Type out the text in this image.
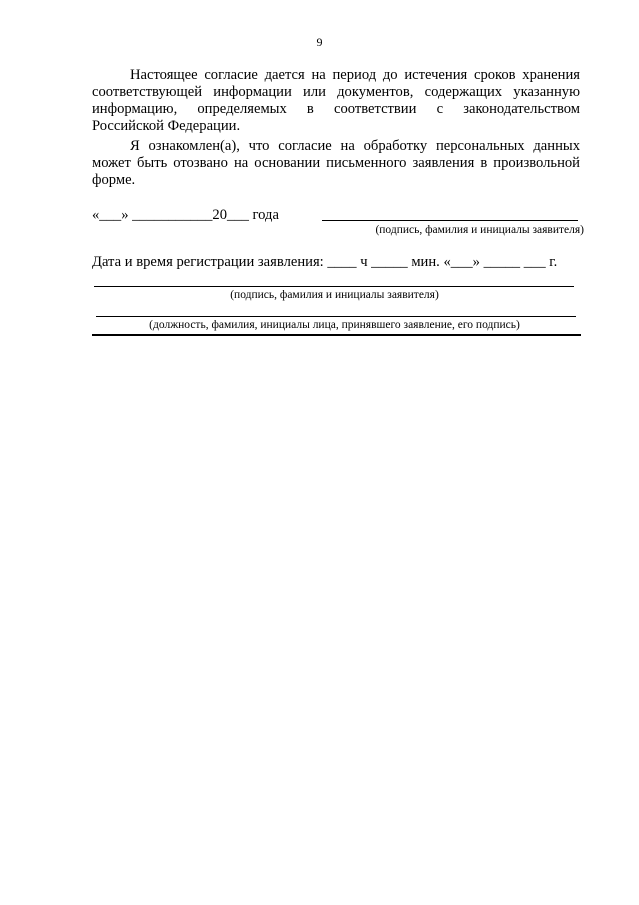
9
Настоящее согласие дается на период до истечения сроков хранения
соответствующей информации или документов, содержащих указанную
информацию, определяемых в соответствии с законодательством
Российской Федерации.
Я ознакомлен(а), что согласие на обработку персональных данных
может быть отозвано на основании письменного заявления в произвольной
форме.
«___» ___________20___ года
(подпись, фамилия и инициалы заявителя)
Дата и время регистрации заявления: ____ ч _____ мин. «___» _____ ___ г.
(подпись, фамилия и инициалы заявителя)
(должность, фамилия, инициалы лица, принявшего заявление, его подпись)
